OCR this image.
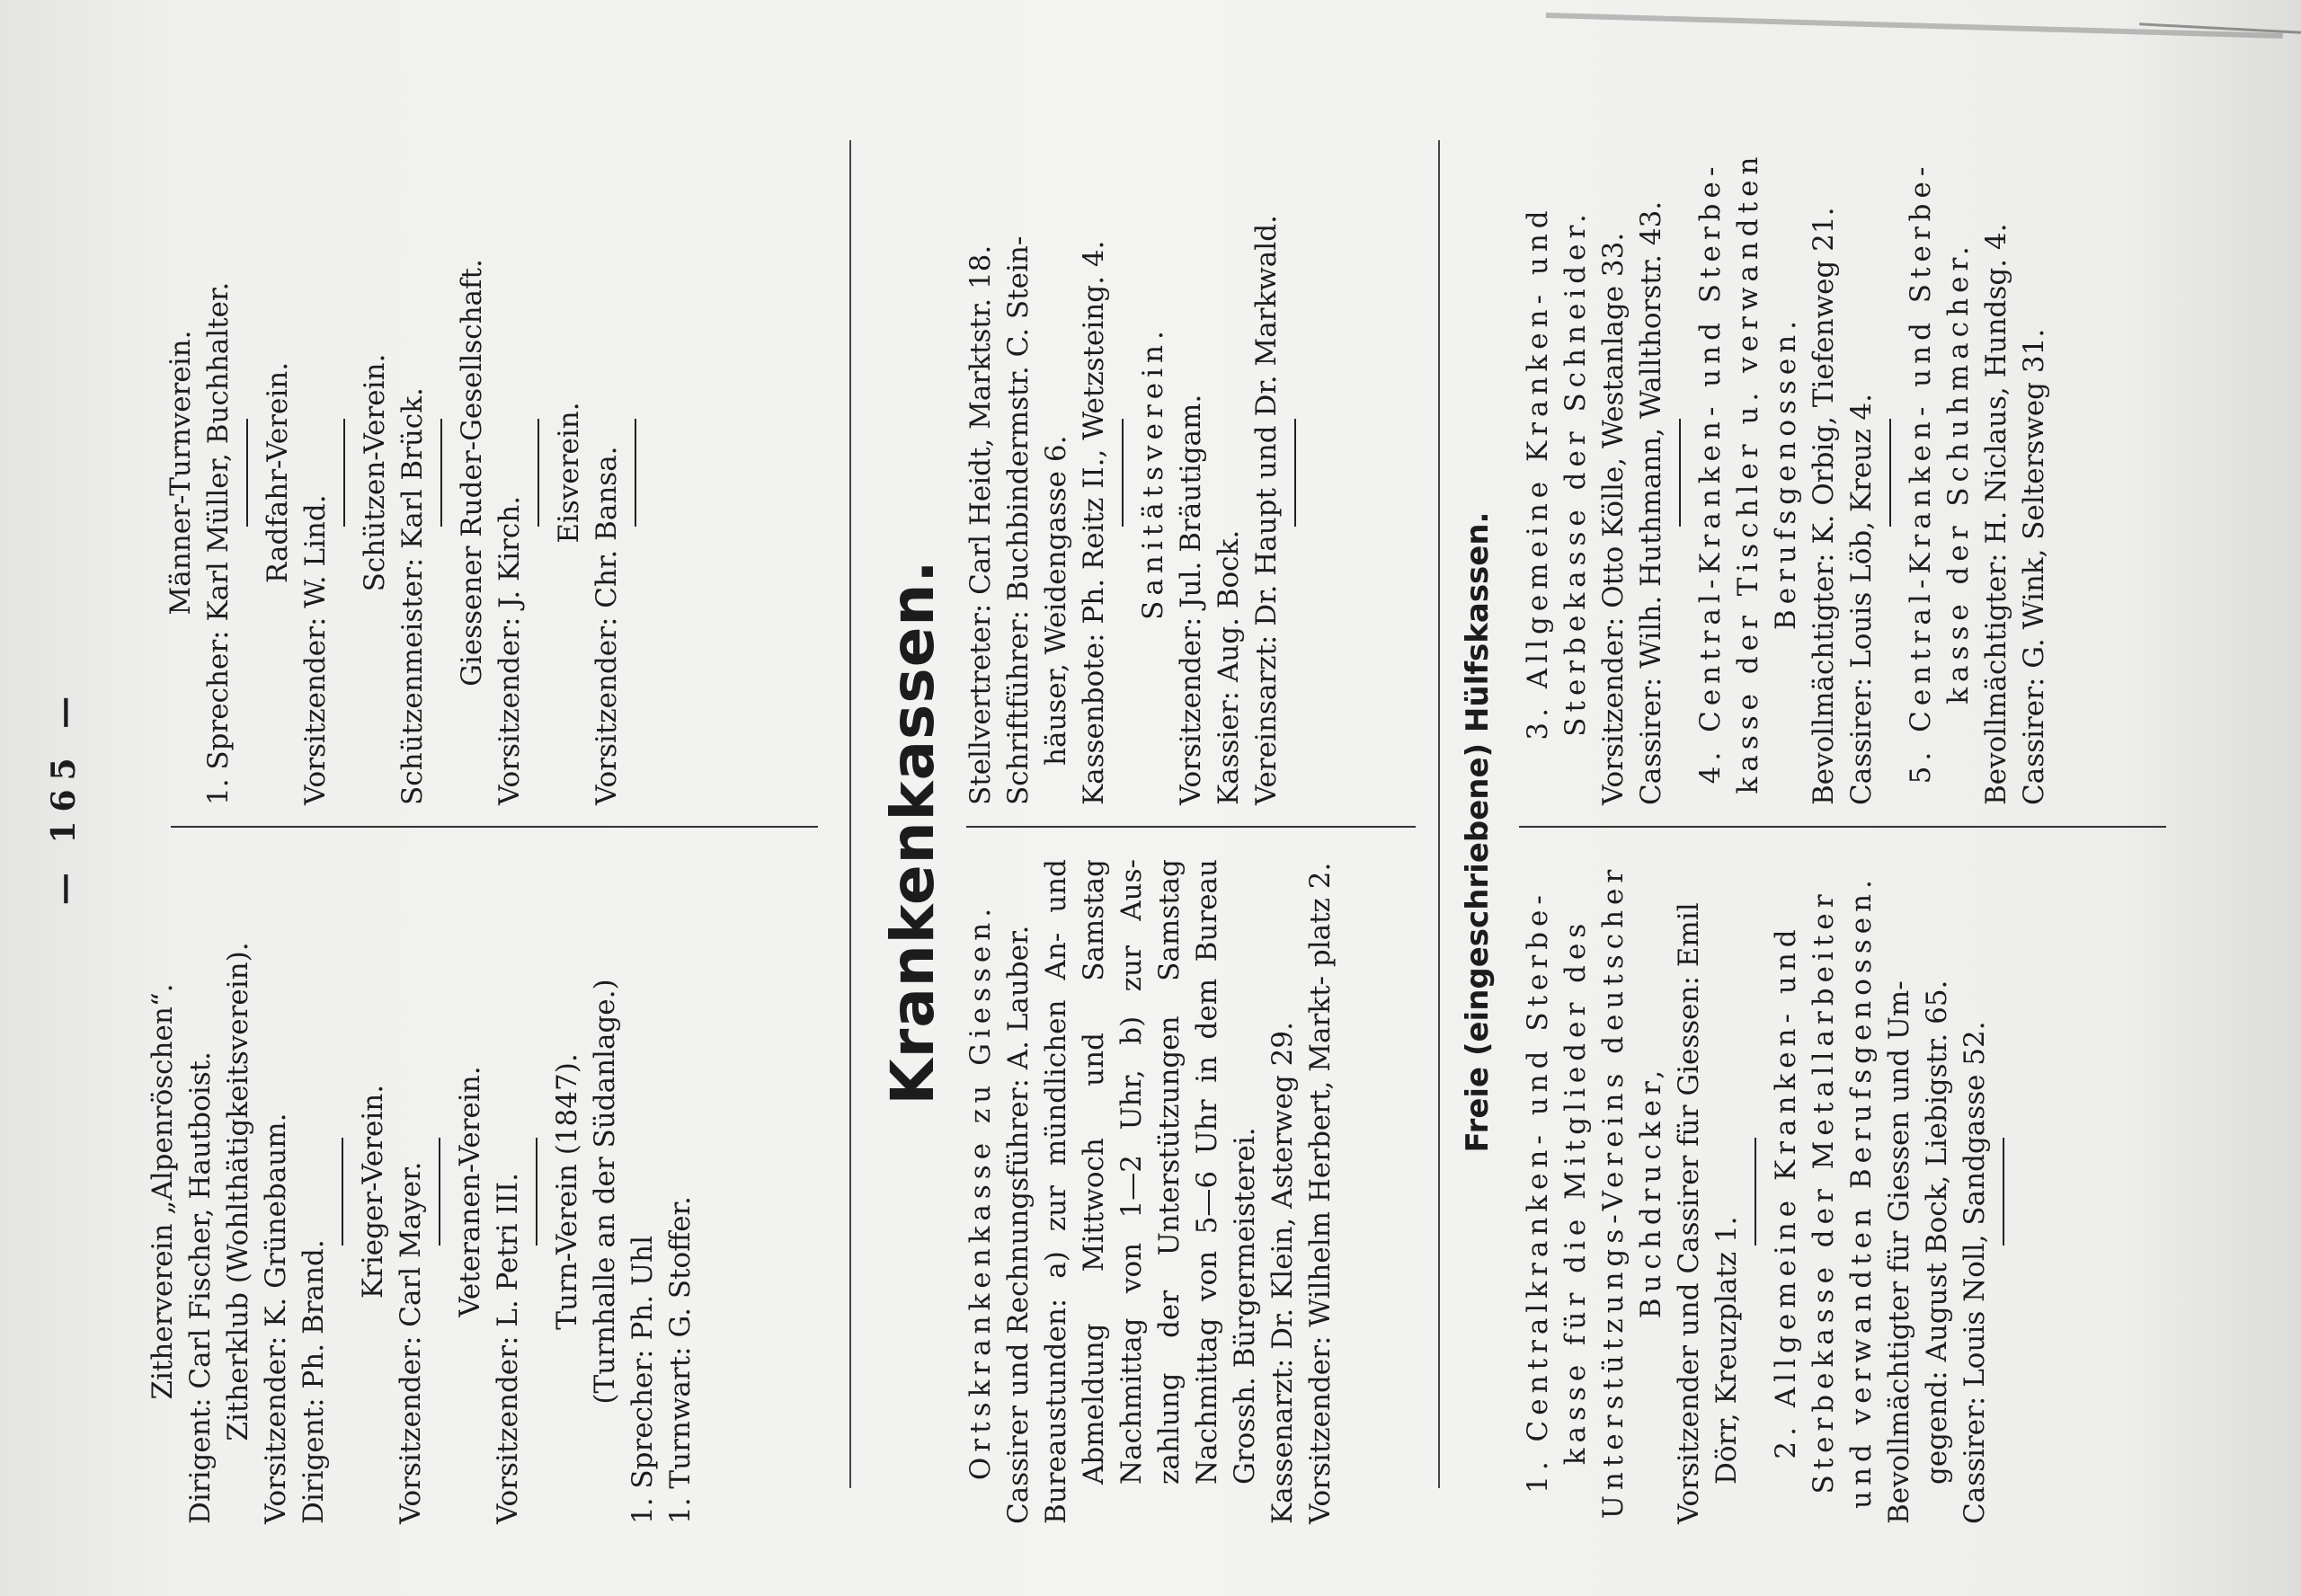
— 165 —

Zitherverein „Alpenröschen“. Dirigent: Carl Fischer, Hautboist. Zitherklub (Wohlthätigkeitsverein). Vorsitzender: K. Grünebaum. Dirigent: Ph. Brand.

Krieger-Verein. Vorsitzender: Carl Mayer. Veteranen-Verein. Vorsitzender: L. Petri III. Turn-Verein (1847). (Turnhalle an der Südanlage.) 1. Sprecher: Ph. Uhl 1. Turnwart: G. Stoffer.

Männer-Turnverein. 1. Sprecher: Karl Müller, Buchhalter. Radfahr-Verein.

Vorsitzender: W. Lind.

Schützen-Verein. Schützenmeister: Karl Brück. Giessener Ruder-Gesellschaft. Vorsitzender: J. Kirch.

Eisverein. Vorsitzender: Chr. Bansa.	Krankenkassen.

Ortskrankenkasse zu Giessen. Cassirer und Rechnungsführer: A. Lauber. Bureaustunden: a) zur mündlichen An- und Abmeldung Mittwoch und Samstag Nachmittag von 1—2 Uhr, b) zur Aus- zahlung der Unterstützungen Samstag Nachmittag von 5—6 Uhr in dem Bureau Grossh. Bürgermeisterei. Kassenarzt: Dr. Klein, Asterweg 29. Vorsitzender: Wilhelm Herbert, Markt- platz 2.

Stellvertreter: Carl Heidt, Marktstr. 18. Schriftführer: Buchbindermstr. C. Stein- häuser, Weidengasse 6. Kassenbote: Ph. Reitz II., Wetzsteing. 4. Sanitätsverein. Vorsitzender: Jul. Bräutigam. Kassier: Aug. Bock. Vereinsarzt: Dr. Haupt und Dr. Markwald.

Freie (eingeschriebene) Hülfskassen.

1. Centralkranken- und Sterbe- kasse für die Mitglieder des Unterstützungs-Vereins deutscher Buchdrucker, Vorsitzender und Cassirer für Giessen: Emil Dörr, Kreuzplatz 1. 2. Allgemeine Kranken- und Sterbekasse der Metallarbeiter und verwandten Berufsgenossen. Bevollmächtigter für Giessen und Um- gegend: August Bock, Liebigstr. 65. Cassirer: Louis Noll, Sandgasse 52.

3. Allgemeine Kranken- und Sterbekasse der Schneider. Vorsitzender: Otto Kölle, Westanlage 33. Cassirer: Wilh. Huthmann, Wallthorstr. 43. 4. Central-Kranken- und Sterbe- kasse der Tischler u. verwandten Berufsgenossen. Bevollmächtigter: K. Orbig, Tiefenweg 21. Cassirer: Louis Löb, Kreuz 4. 5. Central-Kranken- und Sterbe- kasse der Schuhmacher. Bevollmächtigter: H. Niclaus, Hundsg. 4. Cassirer: G. Wink, Seltersweg 31.
